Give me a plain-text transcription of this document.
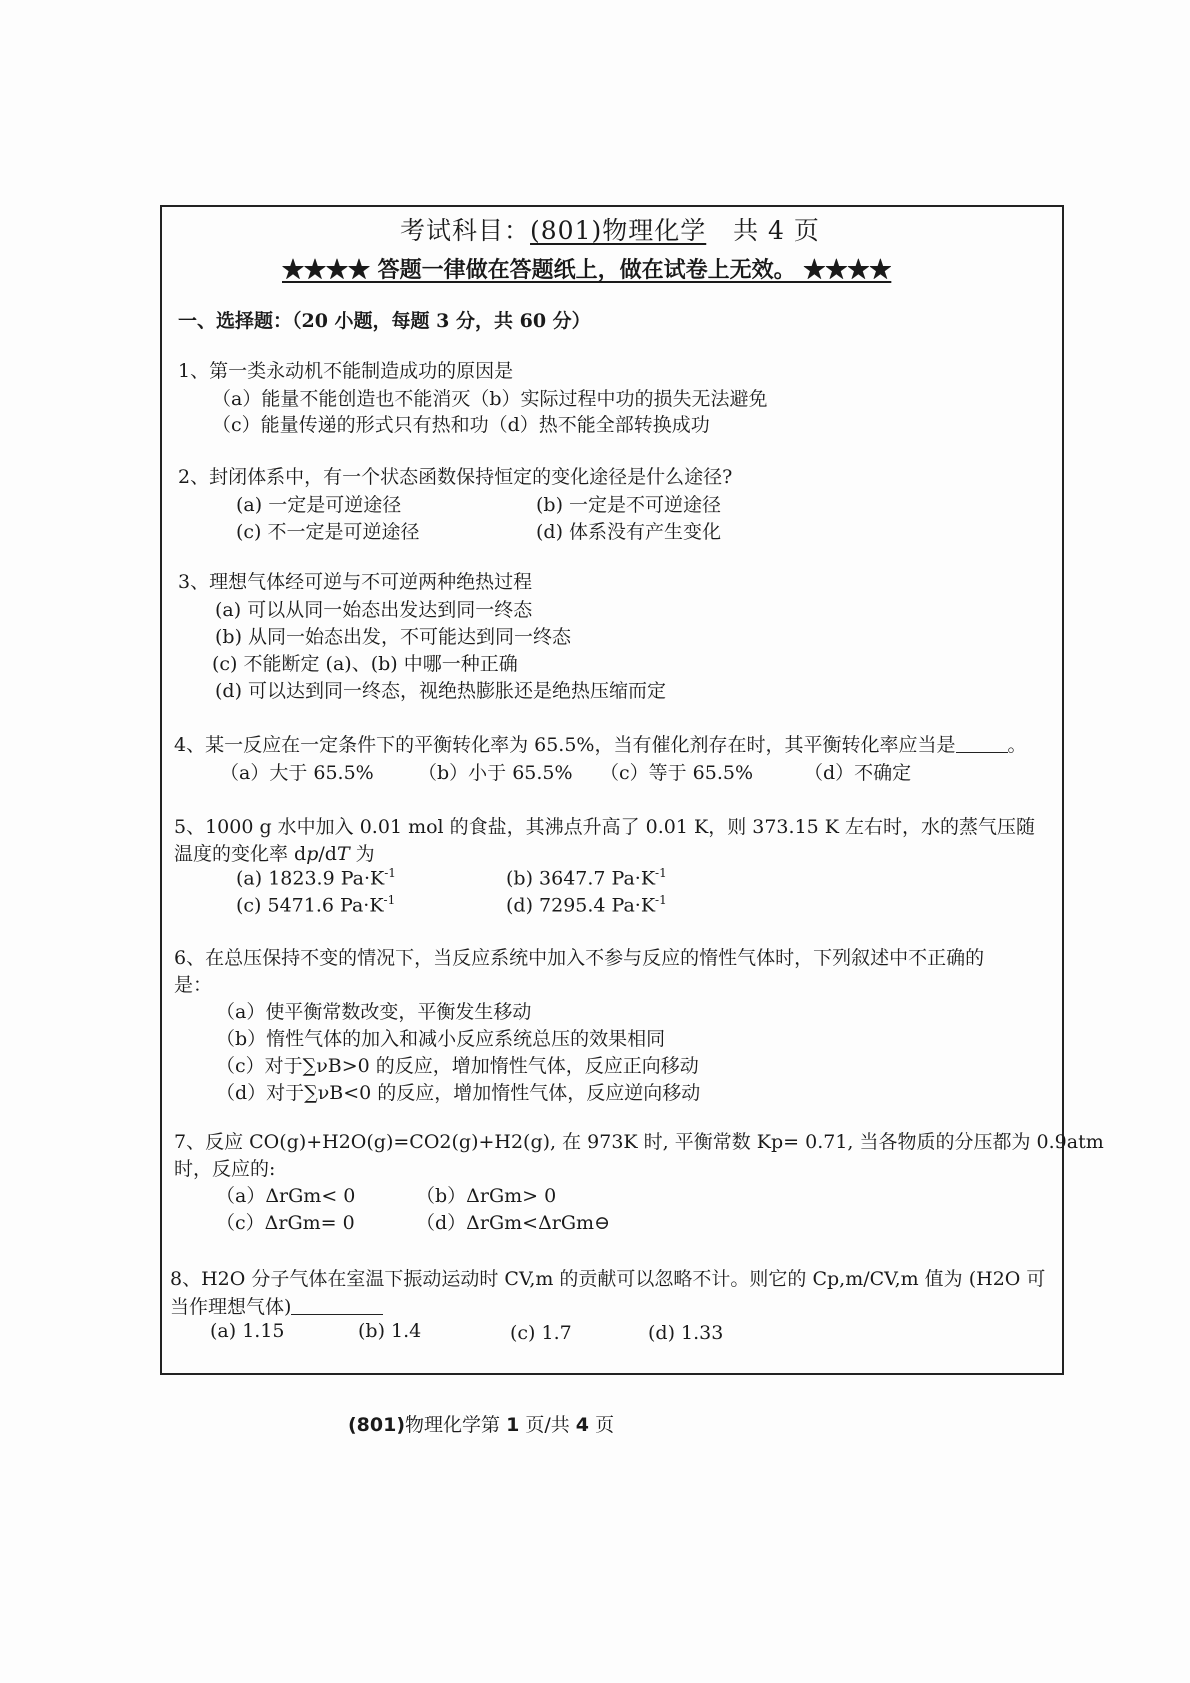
考试科目：(801)物理化学 共 4 页
★★★★ 答题一律做在答题纸上，做在试卷上无效。 ★★★★
一、选择题：（20 小题，每题 3 分，共 60 分）
1、第一类永动机不能制造成功的原因是
（a）能量不能创造也不能消灭（b）实际过程中功的损失无法避免
（c）能量传递的形式只有热和功（d）热不能全部转换成功
2、封闭体系中，有一个状态函数保持恒定的变化途径是什么途径?
(a) 一定是可逆途径	(b) 一定是不可逆途径
(c) 不一定是可逆途径	(d) 体系没有产生变化
3、理想气体经可逆与不可逆两种绝热过程
(a) 可以从同一始态出发达到同一终态
(b) 从同一始态出发，不可能达到同一终态
(c) 不能断定 (a)、(b) 中哪一种正确
(d) 可以达到同一终态，视绝热膨胀还是绝热压缩而定
4、某一反应在一定条件下的平衡转化率为 65.5%，当有催化剂存在时，其平衡转化率应当是	。
（a）大于 65.5% （b）小于 65.5% （c）等于 65.5%	（d）不确定
5、1000 g 水中加入 0.01 mol 的食盐，其沸点升高了 0.01 K，则 373.15 K 左右时，水的蒸气压随
温度的变化率 dp/dT 为
(a) 1823.9 $Pa\cdot K^{-1}$	(b) 3647.7 $Pa\cdot K^{-1}$
(c) 5471.6 $Pa\cdot K^{-1}$	(d) 7295.4 $Pa\cdot K^{-1}$
6、在总压保持不变的情况下，当反应系统中加入不参与反应的惰性气体时，下列叙述中不正确的
是：
（a）使平衡常数改变，平衡发生移动
（b）惰性气体的加入和减小反应系统总压的效果相同
（c）对于∑νB>0 的反应，增加惰性气体，反应正向移动
（d）对于∑νB<0 的反应，增加惰性气体，反应逆向移动
7、反应 CO(g)+H2O(g)=CO2(g)+H2(g), 在 973K 时, 平衡常数 Kp= 0.71, 当各物质的分压都为 0.9atm
时，反应的:
（a）ΔrGm< 0	（b）ΔrGm> 0
（c）ΔrGm= 0	（d）ΔrGm<ΔrGm⊖
8、H2O 分子气体在室温下振动运动时 CV,m 的贡献可以忽略不计。则它的 Cp,m/CV,m 值为 (H2O 可
当作理想气体)
(a) 1.15	(b) 1.4	(c) 1.7	(d) 1.33
(801)物理化学第 1 页/共 4 页
